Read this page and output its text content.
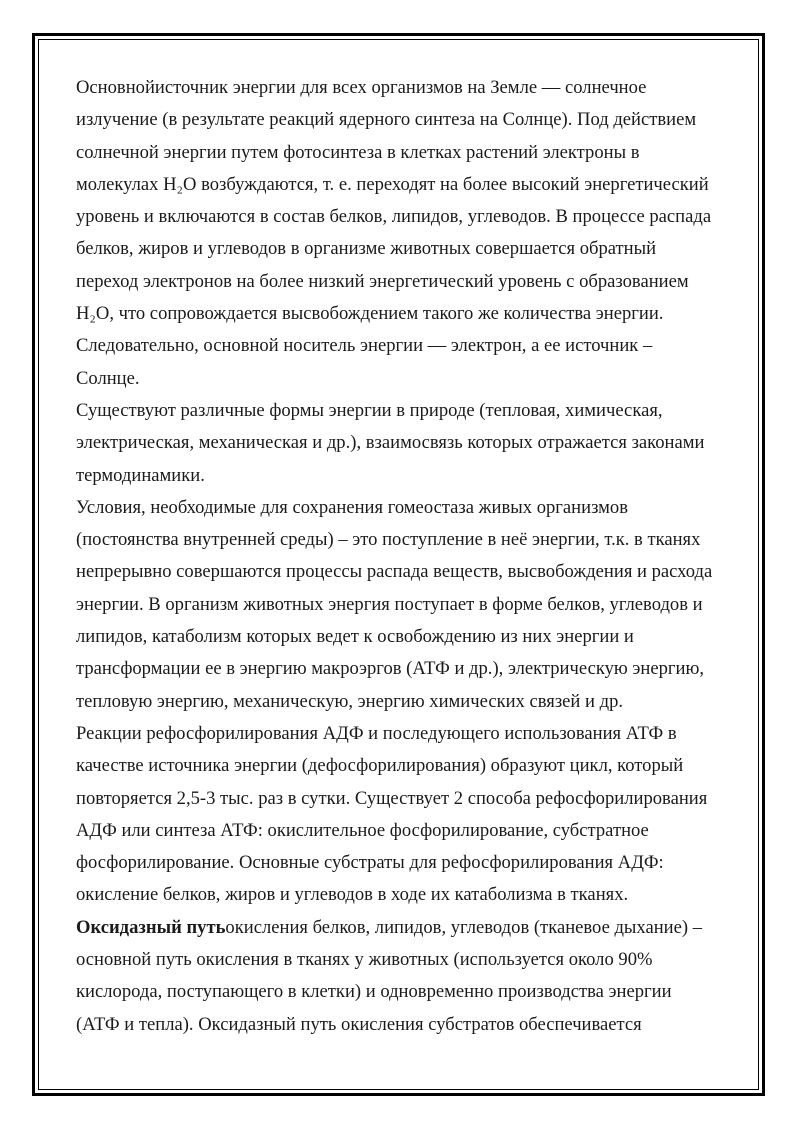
Основнойисточник энергии для всех организмов на Земле — солнечное
излучение (в результате реакций ядерного синтеза на Солнце). Под действием
солнечной энергии путем фотосинтеза в клетках растений электроны в
молекулах H₂O возбуждаются, т. е. переходят на более высокий энергетический
уровень и включаются в состав белков, липидов, углеводов. В процессе распада
белков, жиров и углеводов в организме животных совершается обратный
переход электронов на более низкий энергетический уровень с образованием
H₂O, что сопровождается высвобождением такого же количества энергии.
Следовательно, основной носитель энергии — электрон, а ее источник –
Солнце.
Существуют различные формы энергии в природе (тепловая, химическая,
электрическая, механическая и др.), взаимосвязь которых отражается законами
термодинамики.
Условия, необходимые для сохранения гомеостаза живых организмов
(постоянства внутренней среды) – это поступление в неё энергии, т.к. в тканях
непрерывно совершаются процессы распада веществ, высвобождения и расхода
энергии. В организм животных энергия поступает в форме белков, углеводов и
липидов, катаболизм которых ведет к освобождению из них энергии и
трансформации ее в энергию макроэргов (АТФ и др.), электрическую энергию,
тепловую энергию, механическую, энергию химических связей и др.
Реакции рефосфорилирования АДФ и последующего использования АТФ в
качестве источника энергии (дефосфорилирования) образуют цикл, который
повторяется 2,5-3 тыс. раз в сутки. Существует 2 способа рефосфорилирования
АДФ или синтеза АТФ: окислительное фосфорилирование, субстратное
фосфорилирование. Основные субстраты для рефосфорилирования АДФ:
окисление белков, жиров и углеводов в ходе их катаболизма в тканях.
Оксидазный путьокисления белков, липидов, углеводов (тканевое дыхание) –
основной путь окисления в тканях у животных (используется около 90%
кислорода, поступающего в клетки) и одновременно производства энергии
(АТФ и тепла). Оксидазный путь окисления субстратов обеспечивается
